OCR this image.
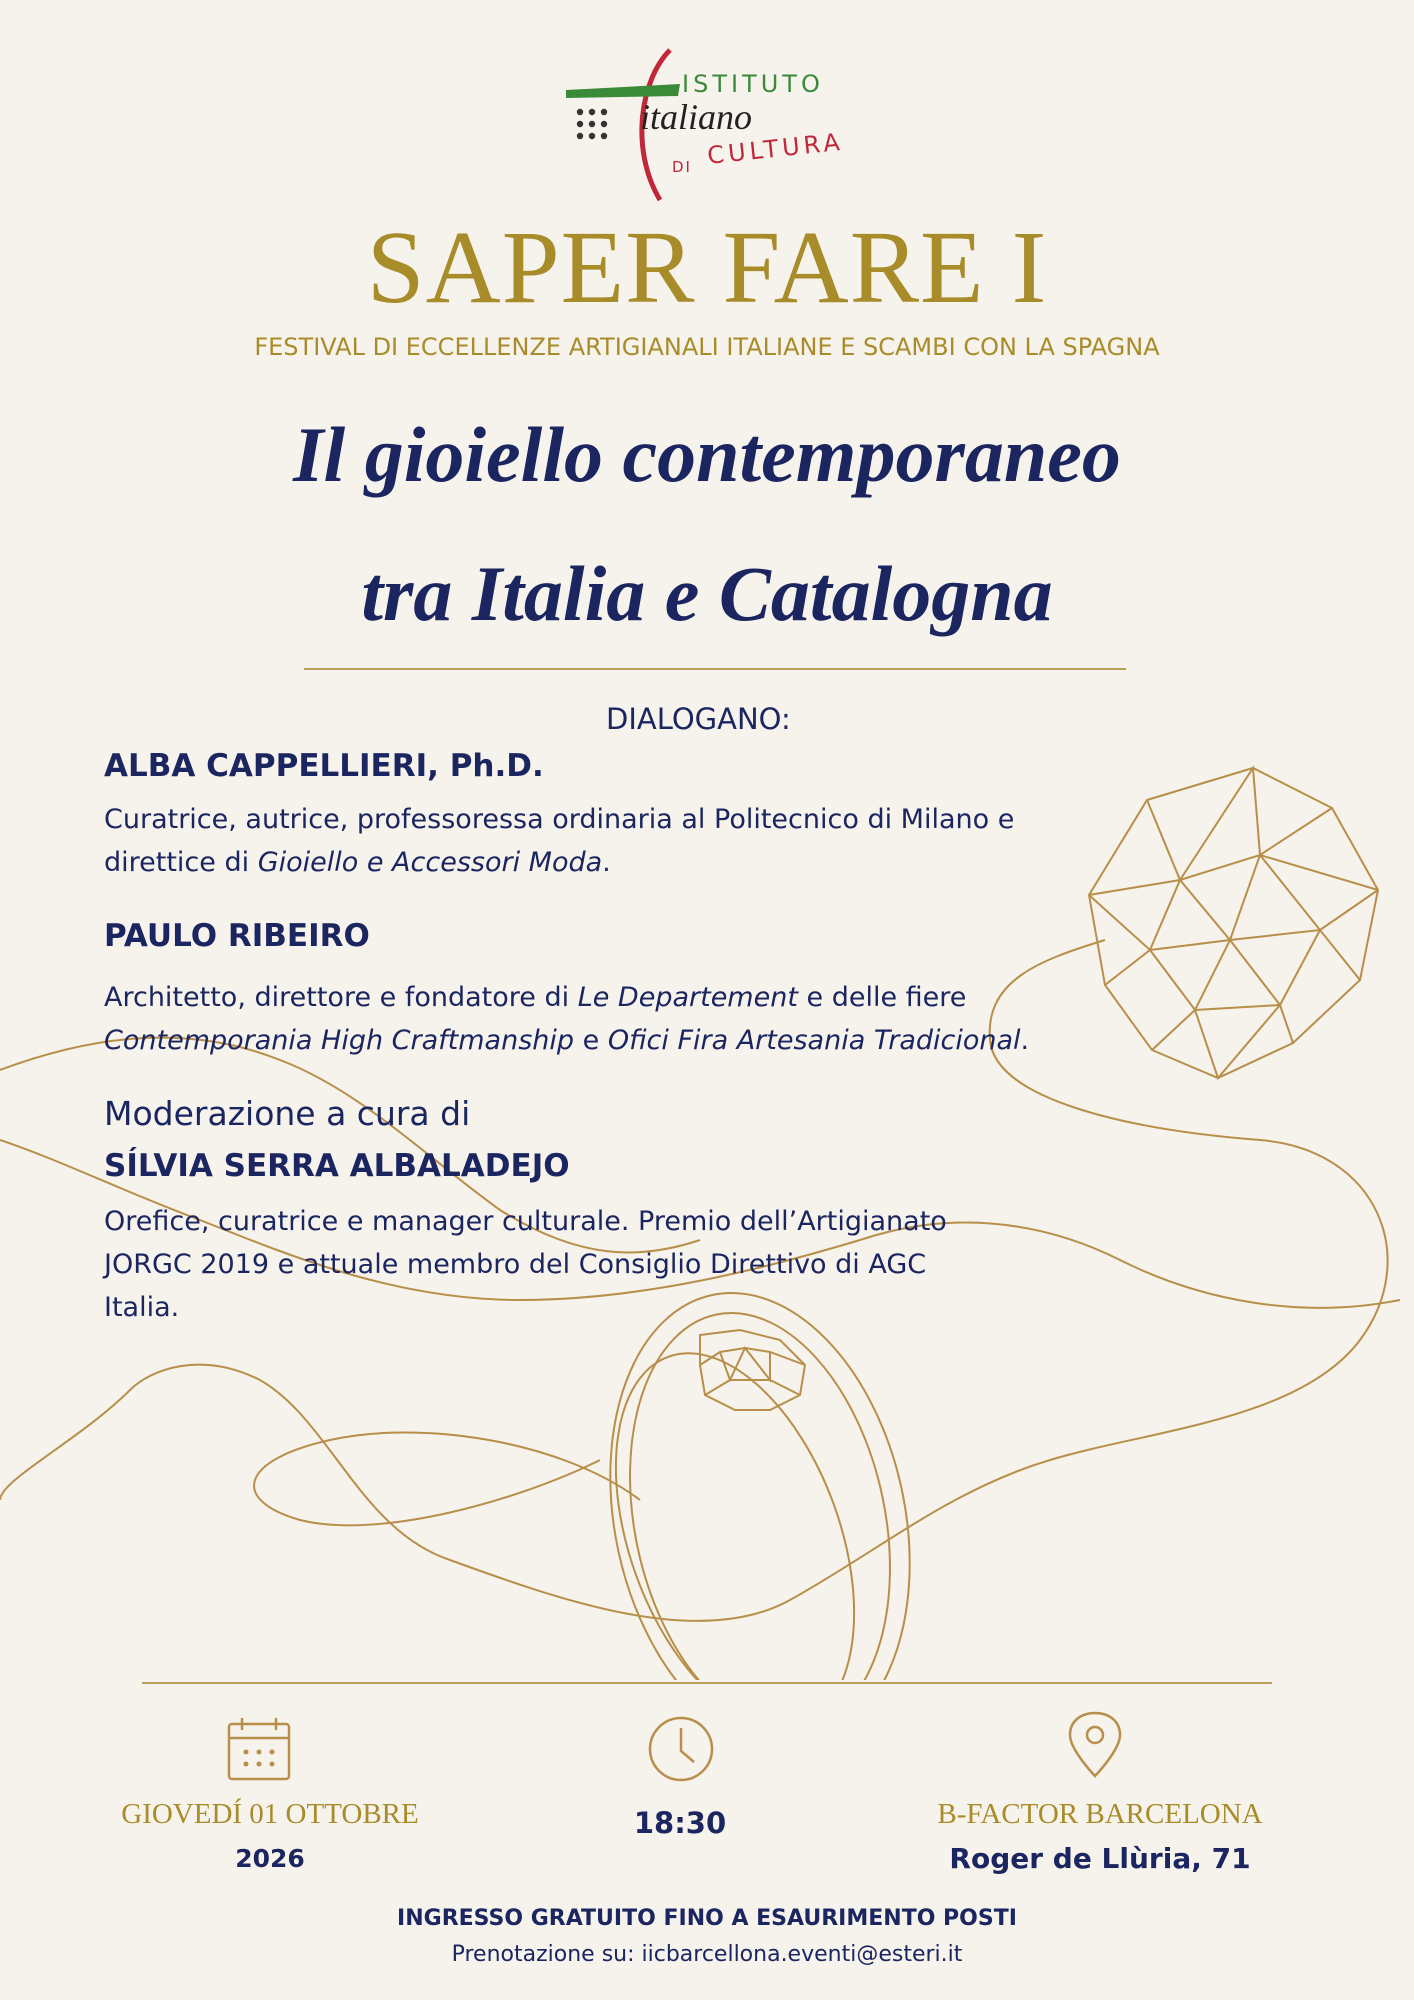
ISTITUTO
italiano
DI CULTURA
SAPER FARE I
FESTIVAL DI ECCELLENZE ARTIGIANALI ITALIANE E SCAMBI CON LA SPAGNA
Il gioiello contemporaneo
tra Italia e Catalogna
DIALOGANO:
ALBA CAPPELLIERI, Ph.D.
Curatrice, autrice, professoressa ordinaria al Politecnico di Milano e direttice di Gioiello e Accessori Moda.
PAULO RIBEIRO
Architetto, direttore e fondatore di Le Departement e delle fiere
Contemporania High Craftmanship e Ofici Fira Artesania Tradicional.
Moderazione a cura di
SÍLVIA SERRA ALBALADEJO
Orefice, curatrice e manager culturale. Premio dell’Artigianato JORGC 2019 e attuale membro del Consiglio Direttivo di AGC Italia.
GIOVEDÍ 01 OTTOBRE
2026
18:30	B-FACTOR BARCELONA
Roger de Llùria, 71
INGRESSO GRATUITO FINO A ESAURIMENTO POSTI
Prenotazione su: iicbarcellona.eventi@esteri.it
